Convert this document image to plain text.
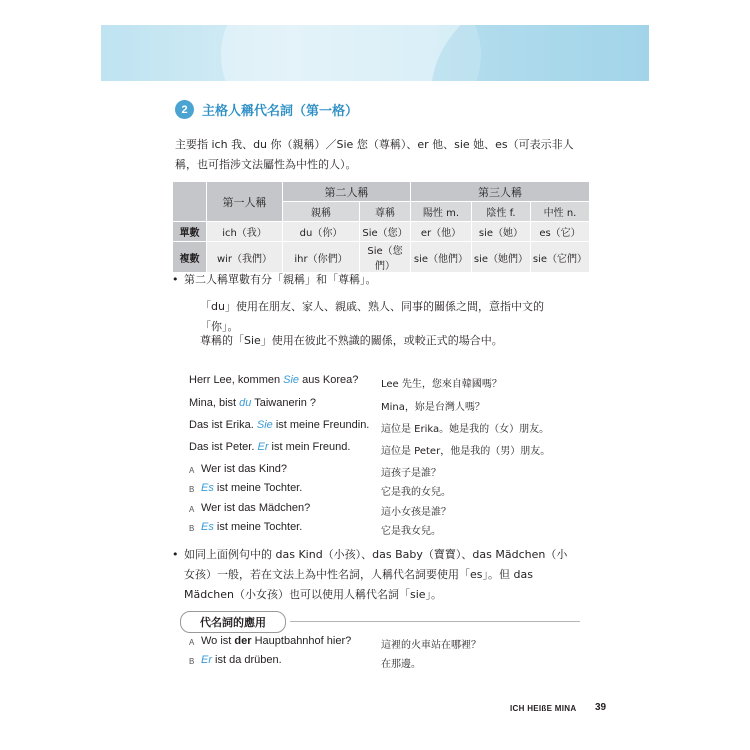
2	主格人稱代名詞（第一格）
主要指 ich 我、du 你（親稱）／Sie 您（尊稱）、er 他、sie 她、es（可表示非人
稱，也可指涉文法屬性為中性的人）。
	第一人稱	第二人稱		第三人稱		
		親稱	尊稱	陽性 m.	陰性 f.	中性 n.
單數	ich（我）	du（你）	Sie（您）	er（他）	sie（她）	es（它）
複數	wir（我們）	ihr（你們）	Sie（您們）	sie（他們）	sie（她們）	sie（它們）
• 第二人稱單數有分「親稱」和「尊稱」。
「du」使用在朋友、家人、親戚、熟人、同事的關係之間，意指中文的
「你」。
尊稱的「Sie」使用在彼此不熟識的關係，或較正式的場合中。
Herr Lee, kommen Sie aus Korea? Lee 先生，您來自韓國嗎？
Mina, bist du Taiwanerin ?	Mina，妳是台灣人嗎？
Das ist Erika. Sie ist meine Freundin. 這位是 Erika。她是我的（女）朋友。
Das ist Peter. Er ist mein Freund.	這位是 Peter，他是我的（男）朋友。
A Wer ist das Kind?	這孩子是誰？
B Es ist meine Tochter.	它是我的女兒。
A Wer ist das Mädchen?	這小女孩是誰？
B Es ist meine Tochter.	它是我女兒。
• 如同上面例句中的 das Kind（小孩）、das Baby（寶寶）、das Mädchen（小
女孩）一般，若在文法上為中性名詞，人稱代名詞要使用「es」。但 das
Mädchen（小女孩）也可以使用人稱代名詞「sie」。
代名詞的應用
A Wo ist der Hauptbahnhof hier?	這裡的火車站在哪裡？
B Er ist da drüben.	在那邊。
ICH HEIßE MINA 39
